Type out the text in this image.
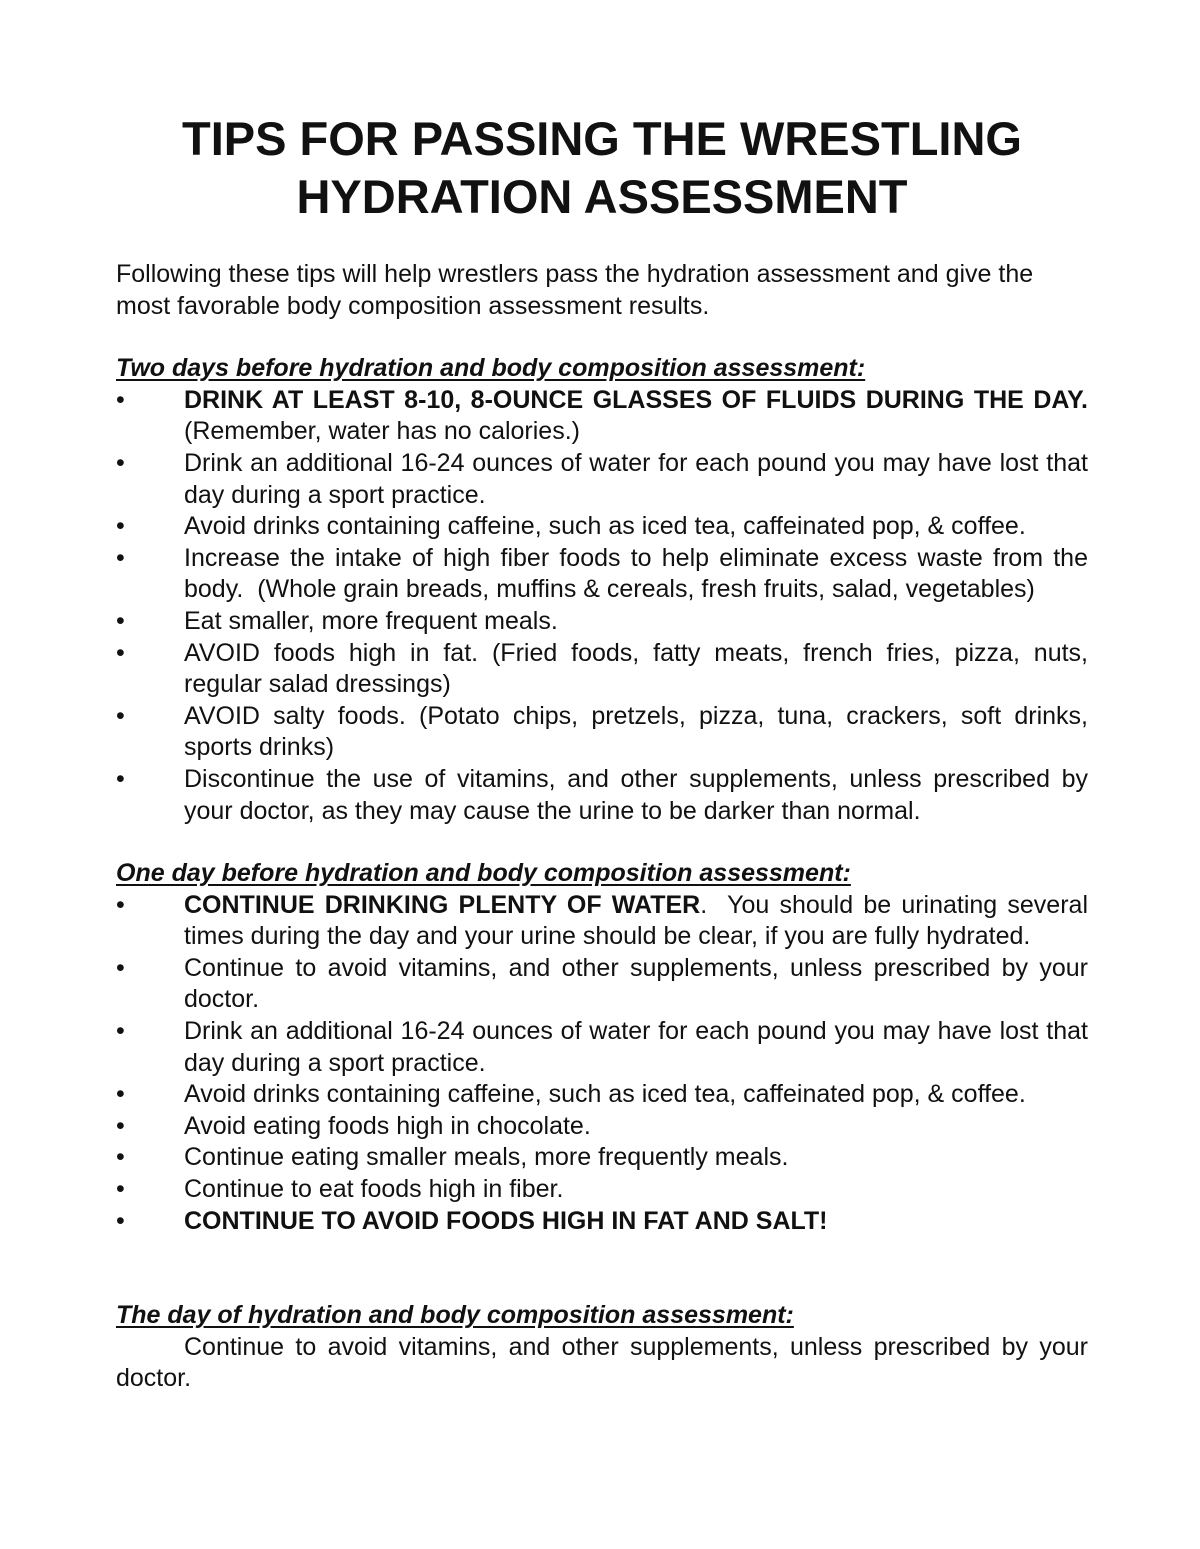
TIPS FOR PASSING THE WRESTLING
HYDRATION ASSESSMENT

Following these tips will help wrestlers pass the hydration assessment and give the most favorable body composition assessment results.

Two days before hydration and body composition assessment:

• DRINK AT LEAST 8-10, 8-OUNCE GLASSES OF FLUIDS DURING THE DAY.  (Remember, water has no calories.)
• Drink an additional 16-24 ounces of water for each pound you may have lost that day during a sport practice.
• Avoid drinks containing caffeine, such as iced tea, caffeinated pop, & coffee.
• Increase the intake of high fiber foods to help eliminate excess waste from the body.  (Whole grain breads, muffins & cereals, fresh fruits, salad, vegetables)
• Eat smaller, more frequent meals.
• AVOID foods high in fat. (Fried foods, fatty meats, french fries, pizza, nuts, regular salad dressings)
• AVOID salty foods. (Potato chips, pretzels, pizza, tuna, crackers, soft drinks, sports drinks)
• Discontinue the use of vitamins, and other supplements, unless prescribed by your doctor, as they may cause the urine to be darker than normal.

One day before hydration and body composition assessment:

• CONTINUE DRINKING PLENTY OF WATER.  You should be urinating several times during the day and your urine should be clear, if you are fully hydrated.
• Continue to avoid vitamins, and other supplements, unless prescribed by your doctor.
• Drink an additional 16-24 ounces of water for each pound you may have lost that day during a sport practice.
• Avoid drinks containing caffeine, such as iced tea, caffeinated pop, & coffee.
• Avoid eating foods high in chocolate.
• Continue eating smaller meals, more frequently meals.
• Continue to eat foods high in fiber.
• CONTINUE TO AVOID FOODS HIGH IN FAT AND SALT!

The day of hydration and body composition assessment:

Continue to avoid vitamins, and other supplements, unless prescribed by your doctor.
